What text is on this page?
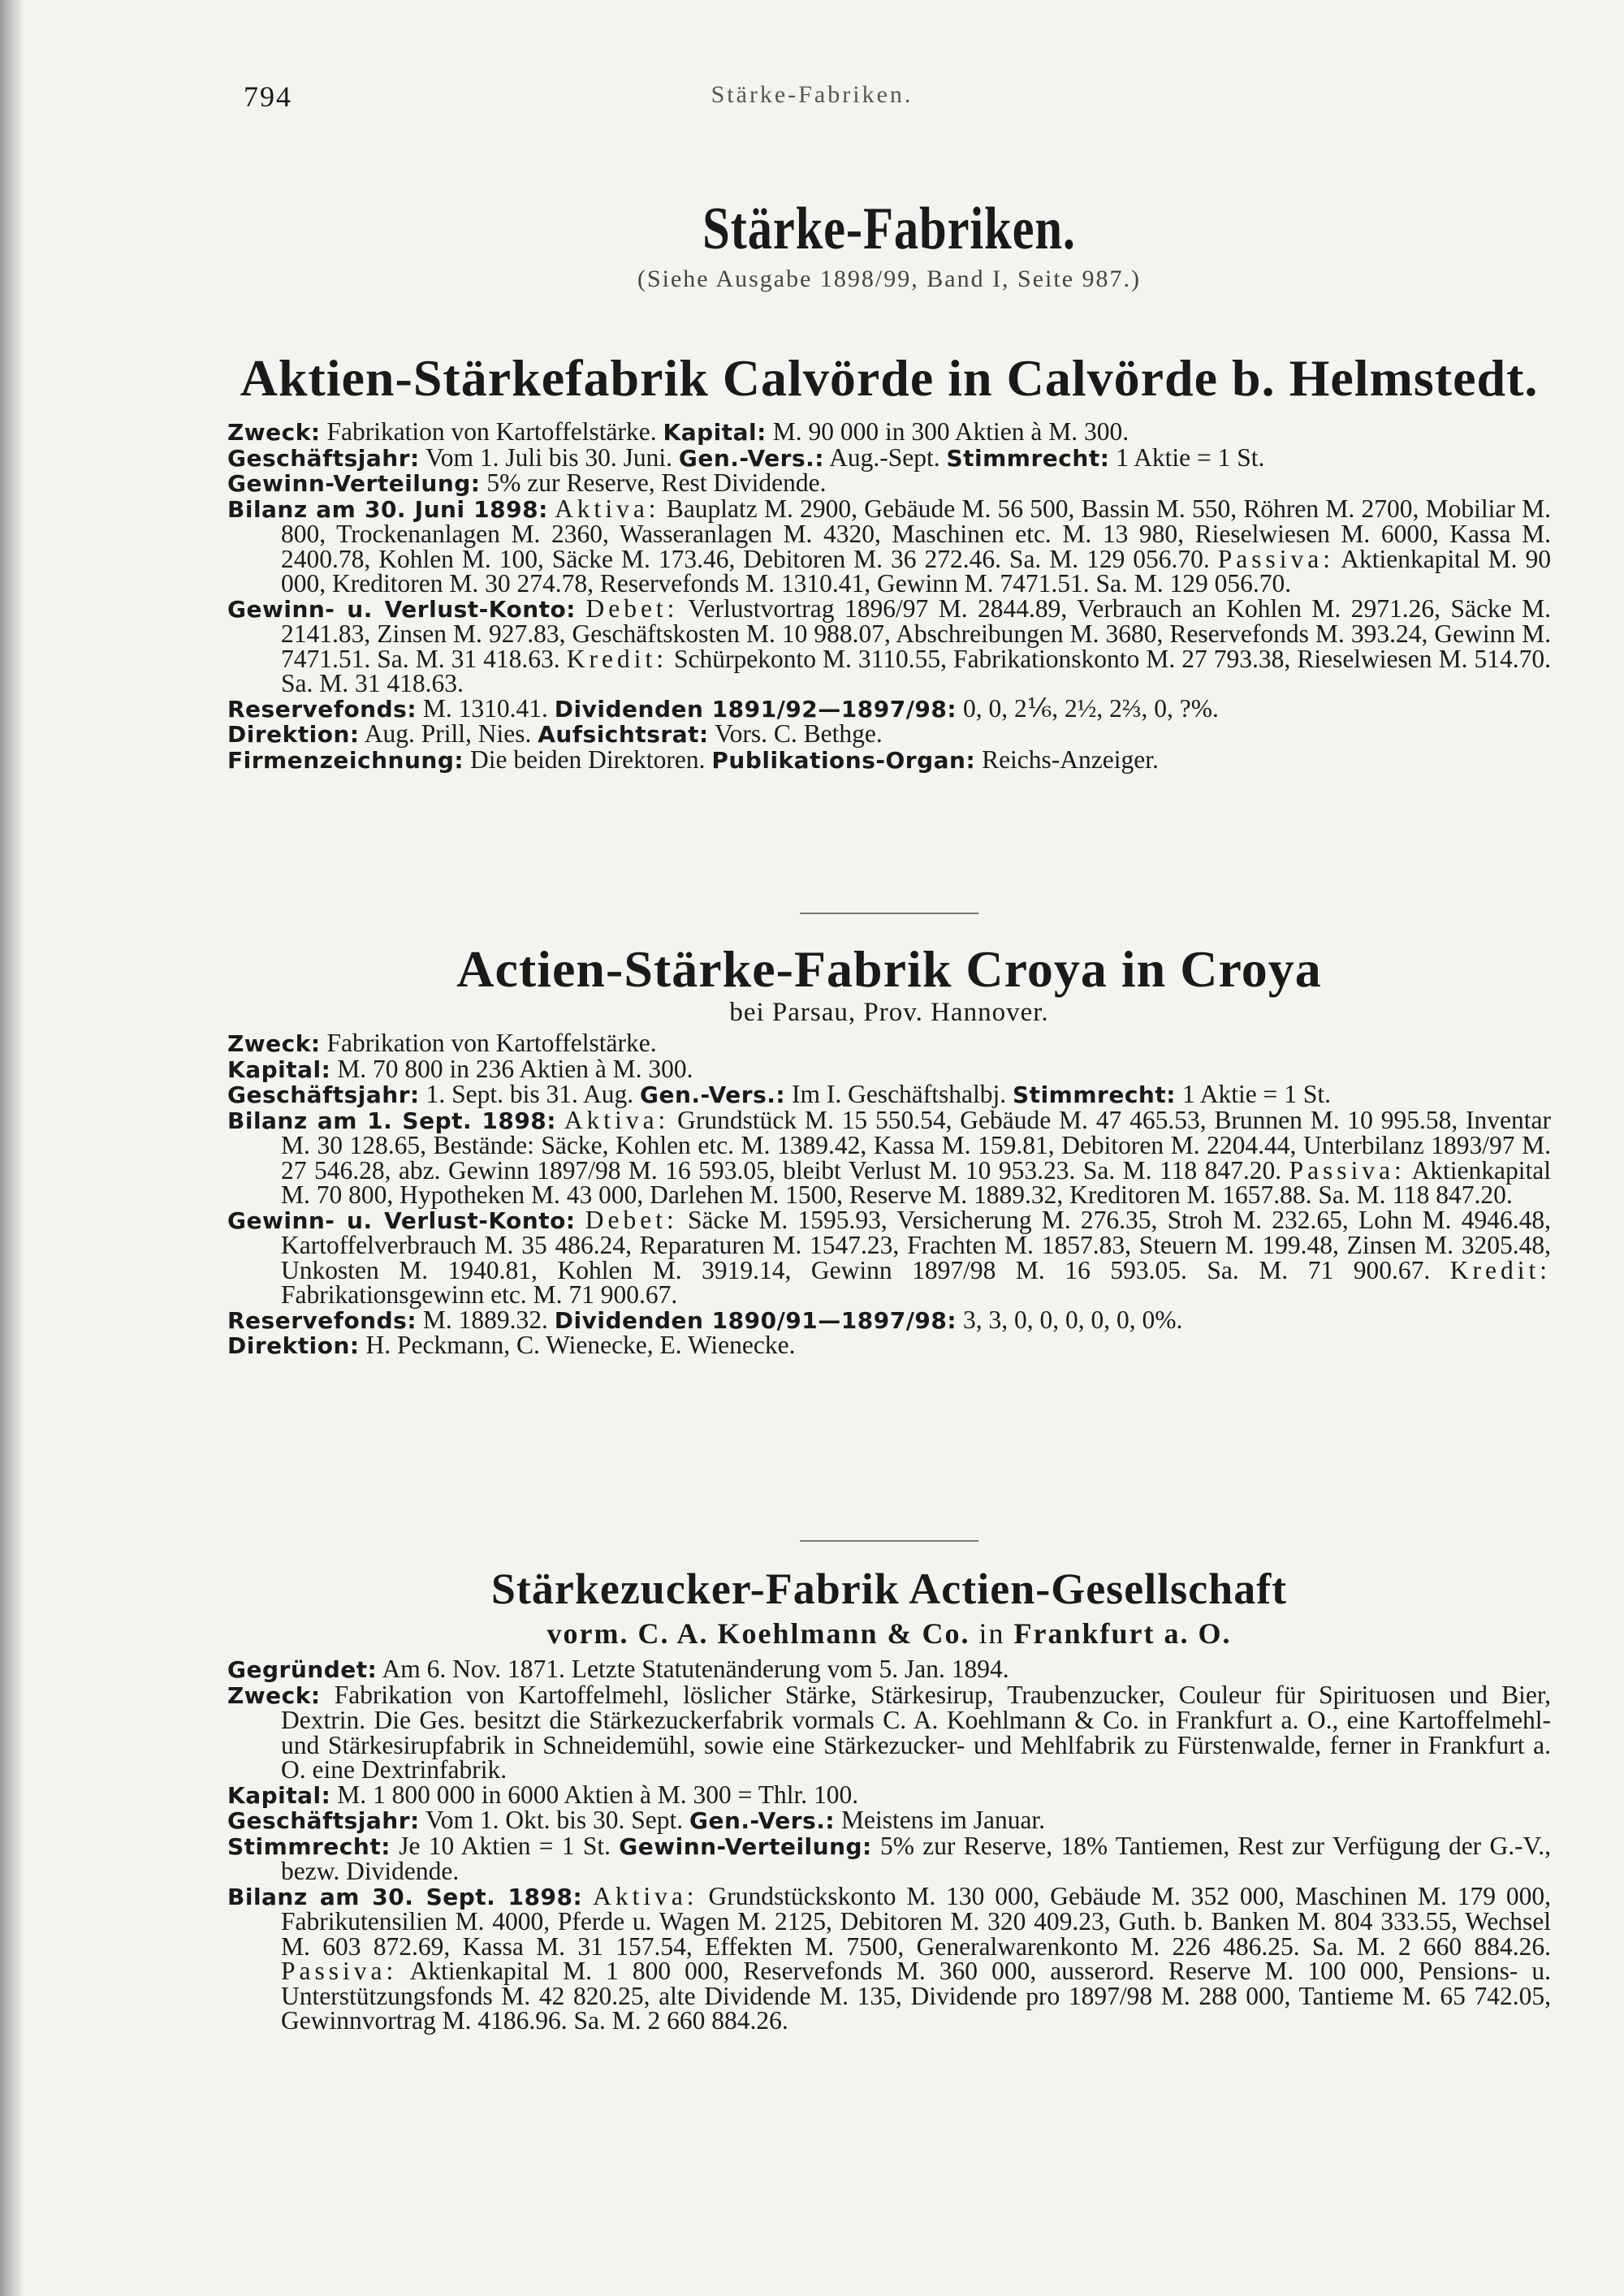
794	Stärke-Fabriken.
Stärke-Fabriken.
(Siehe Ausgabe 1898/99, Band I, Seite 987.)
Aktien-Stärkefabrik Calvörde in Calvörde b. Helmstedt.

Zweck: Fabrikation von Kartoffelstärke. Kapital: M. 90 000 in 300 Aktien à M. 300.

Geschäftsjahr: Vom 1. Juli bis 30. Juni. Gen.-Vers.: Aug.-Sept. Stimmrecht: 1 Aktie = 1 St.

Gewinn-Verteilung: 5% zur Reserve, Rest Dividende.

Bilanz am 30. Juni 1898: Aktiva: Bauplatz M. 2900, Gebäude M. 56 500, Bassin M. 550, Röhren M. 2700, Mobiliar M. 800, Trockenanlagen M. 2360, Wasseranlagen M. 4320, Maschinen etc. M. 13 980, Rieselwiesen M. 6000, Kassa M. 2400.78, Kohlen M. 100, Säcke M. 173.46, Debitoren M. 36 272.46. Sa. M. 129 056.70. Passiva: Aktienkapital M. 90 000, Kreditoren M. 30 274.78, Reservefonds M. 1310.41, Gewinn M. 7471.51. Sa. M. 129 056.70.

Gewinn- u. Verlust-Konto: Debet: Verlustvortrag 1896/97 M. 2844.89, Verbrauch an Kohlen M. 2971.26, Säcke M. 2141.83, Zinsen M. 927.83, Geschäftskosten M. 10 988.07, Abschreibungen M. 3680, Reservefonds M. 393.24, Gewinn M. 7471.51. Sa. M. 31 418.63. Kredit: Schürpekonto M. 3110.55, Fabrikationskonto M. 27 793.38, Rieselwiesen M. 514.70. Sa. M. 31 418.63.

Reservefonds: M. 1310.41. Dividenden 1891/92—1897/98: 0, 0, 2⅙, 2½, 2⅔, 0, ?%.

Direktion: Aug. Prill, Nies. Aufsichtsrat: Vors. C. Bethge.

Firmenzeichnung: Die beiden Direktoren. Publikations-Organ: Reichs-Anzeiger.

Actien-Stärke-Fabrik Croya in Croya
bei Parsau, Prov. Hannover.

Zweck: Fabrikation von Kartoffelstärke.

Kapital: M. 70 800 in 236 Aktien à M. 300.

Geschäftsjahr: 1. Sept. bis 31. Aug. Gen.-Vers.: Im I. Geschäftshalbj. Stimmrecht: 1 Aktie = 1 St.

Bilanz am 1. Sept. 1898: Aktiva: Grundstück M. 15 550.54, Gebäude M. 47 465.53, Brunnen M. 10 995.58, Inventar M. 30 128.65, Bestände: Säcke, Kohlen etc. M. 1389.42, Kassa M. 159.81, Debitoren M. 2204.44, Unterbilanz 1893/97 M. 27 546.28, abz. Gewinn 1897/98 M. 16 593.05, bleibt Verlust M. 10 953.23. Sa. M. 118 847.20. Passiva: Aktienkapital M. 70 800, Hypotheken M. 43 000, Darlehen M. 1500, Reserve M. 1889.32, Kreditoren M. 1657.88. Sa. M. 118 847.20.

Gewinn- u. Verlust-Konto: Debet: Säcke M. 1595.93, Versicherung M. 276.35, Stroh M. 232.65, Lohn M. 4946.48, Kartoffelverbrauch M. 35 486.24, Reparaturen M. 1547.23, Frachten M. 1857.83, Steuern M. 199.48, Zinsen M. 3205.48, Unkosten M. 1940.81, Kohlen M. 3919.14, Gewinn 1897/98 M. 16 593.05. Sa. M. 71 900.67. Kredit: Fabrikationsgewinn etc. M. 71 900.67.

Reservefonds: M. 1889.32. Dividenden 1890/91—1897/98: 3, 3, 0, 0, 0, 0, 0, 0%.

Direktion: H. Peckmann, C. Wienecke, E. Wienecke.

Stärkezucker-Fabrik Actien-Gesellschaft
vorm. C. A. Koehlmann & Co. in Frankfurt a. O.

Gegründet: Am 6. Nov. 1871. Letzte Statutenänderung vom 5. Jan. 1894.

Zweck: Fabrikation von Kartoffelmehl, löslicher Stärke, Stärkesirup, Traubenzucker, Couleur für Spirituosen und Bier, Dextrin. Die Ges. besitzt die Stärkezuckerfabrik vormals C. A. Koehlmann & Co. in Frankfurt a. O., eine Kartoffelmehl- und Stärkesirupfabrik in Schneidemühl, sowie eine Stärkezucker- und Mehlfabrik zu Fürstenwalde, ferner in Frankfurt a. O. eine Dextrinfabrik.

Kapital: M. 1 800 000 in 6000 Aktien à M. 300 = Thlr. 100.

Geschäftsjahr: Vom 1. Okt. bis 30. Sept. Gen.-Vers.: Meistens im Januar.

Stimmrecht: Je 10 Aktien = 1 St. Gewinn-Verteilung: 5% zur Reserve, 18% Tantiemen, Rest zur Verfügung der G.-V., bezw. Dividende.

Bilanz am 30. Sept. 1898: Aktiva: Grundstückskonto M. 130 000, Gebäude M. 352 000, Maschinen M. 179 000, Fabrikutensilien M. 4000, Pferde u. Wagen M. 2125, Debitoren M. 320 409.23, Guth. b. Banken M. 804 333.55, Wechsel M. 603 872.69, Kassa M. 31 157.54, Effekten M. 7500, Generalwarenkonto M. 226 486.25. Sa. M. 2 660 884.26. Passiva: Aktienkapital M. 1 800 000, Reservefonds M. 360 000, ausserord. Reserve M. 100 000, Pensions- u. Unterstützungsfonds M. 42 820.25, alte Dividende M. 135, Dividende pro 1897/98 M. 288 000, Tantieme M. 65 742.05, Gewinnvortrag M. 4186.96. Sa. M. 2 660 884.26.
